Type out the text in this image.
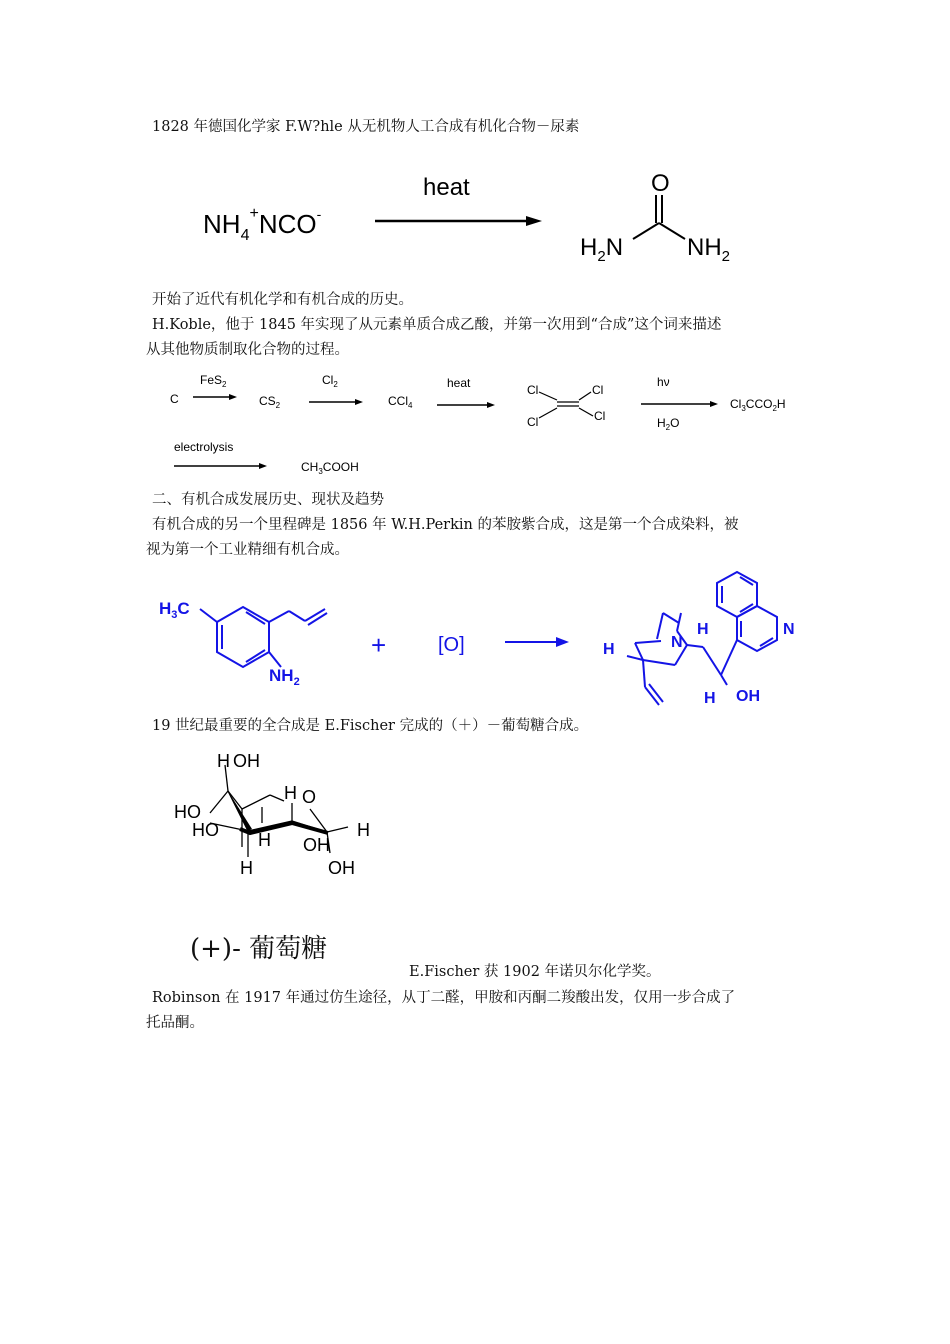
1828 年德国化学家 F.W?hle 从无机物人工合成有机化合物－尿素
$NH_4^+NCO^-$
heat	O
$H_2N$	$NH_2$
开始了近代有机化学和有机合成的历史。
H.Koble，他于 1845 年实现了从元素单质合成乙酸，并第一次用到“合成”这个词来描述
从其他物质制取化合物的过程。
C
FeS$_2$
$CS_2$
$Cl_2$
CCl$_4$
heat	Cl	Cl
Cl	Cl
hν
$H_2O$
$Cl_3CCO_2H$
electrolysis
$CH_3COOH$
二、有机合成发展历史、现状及趋势
有机合成的另一个里程碑是 1856 年 W.H.Perkin 的苯胺紫合成，这是第一个合成染料，被
视为第一个工业精细有机合成。
$H_3C$
$NH_2$
+	[O]
N
N
H
H
H OH
19 世纪最重要的全合成是 E.Fischer 完成的（＋）－葡萄糖合成。
H OH
H O
HO
HO H OH
H
H	OH
(+)- 葡萄糖
E.Fischer 获 1902 年诺贝尔化学奖。
Robinson 在 1917 年通过仿生途径，从丁二醛，甲胺和丙酮二羧酸出发，仅用一步合成了
托品酮。
